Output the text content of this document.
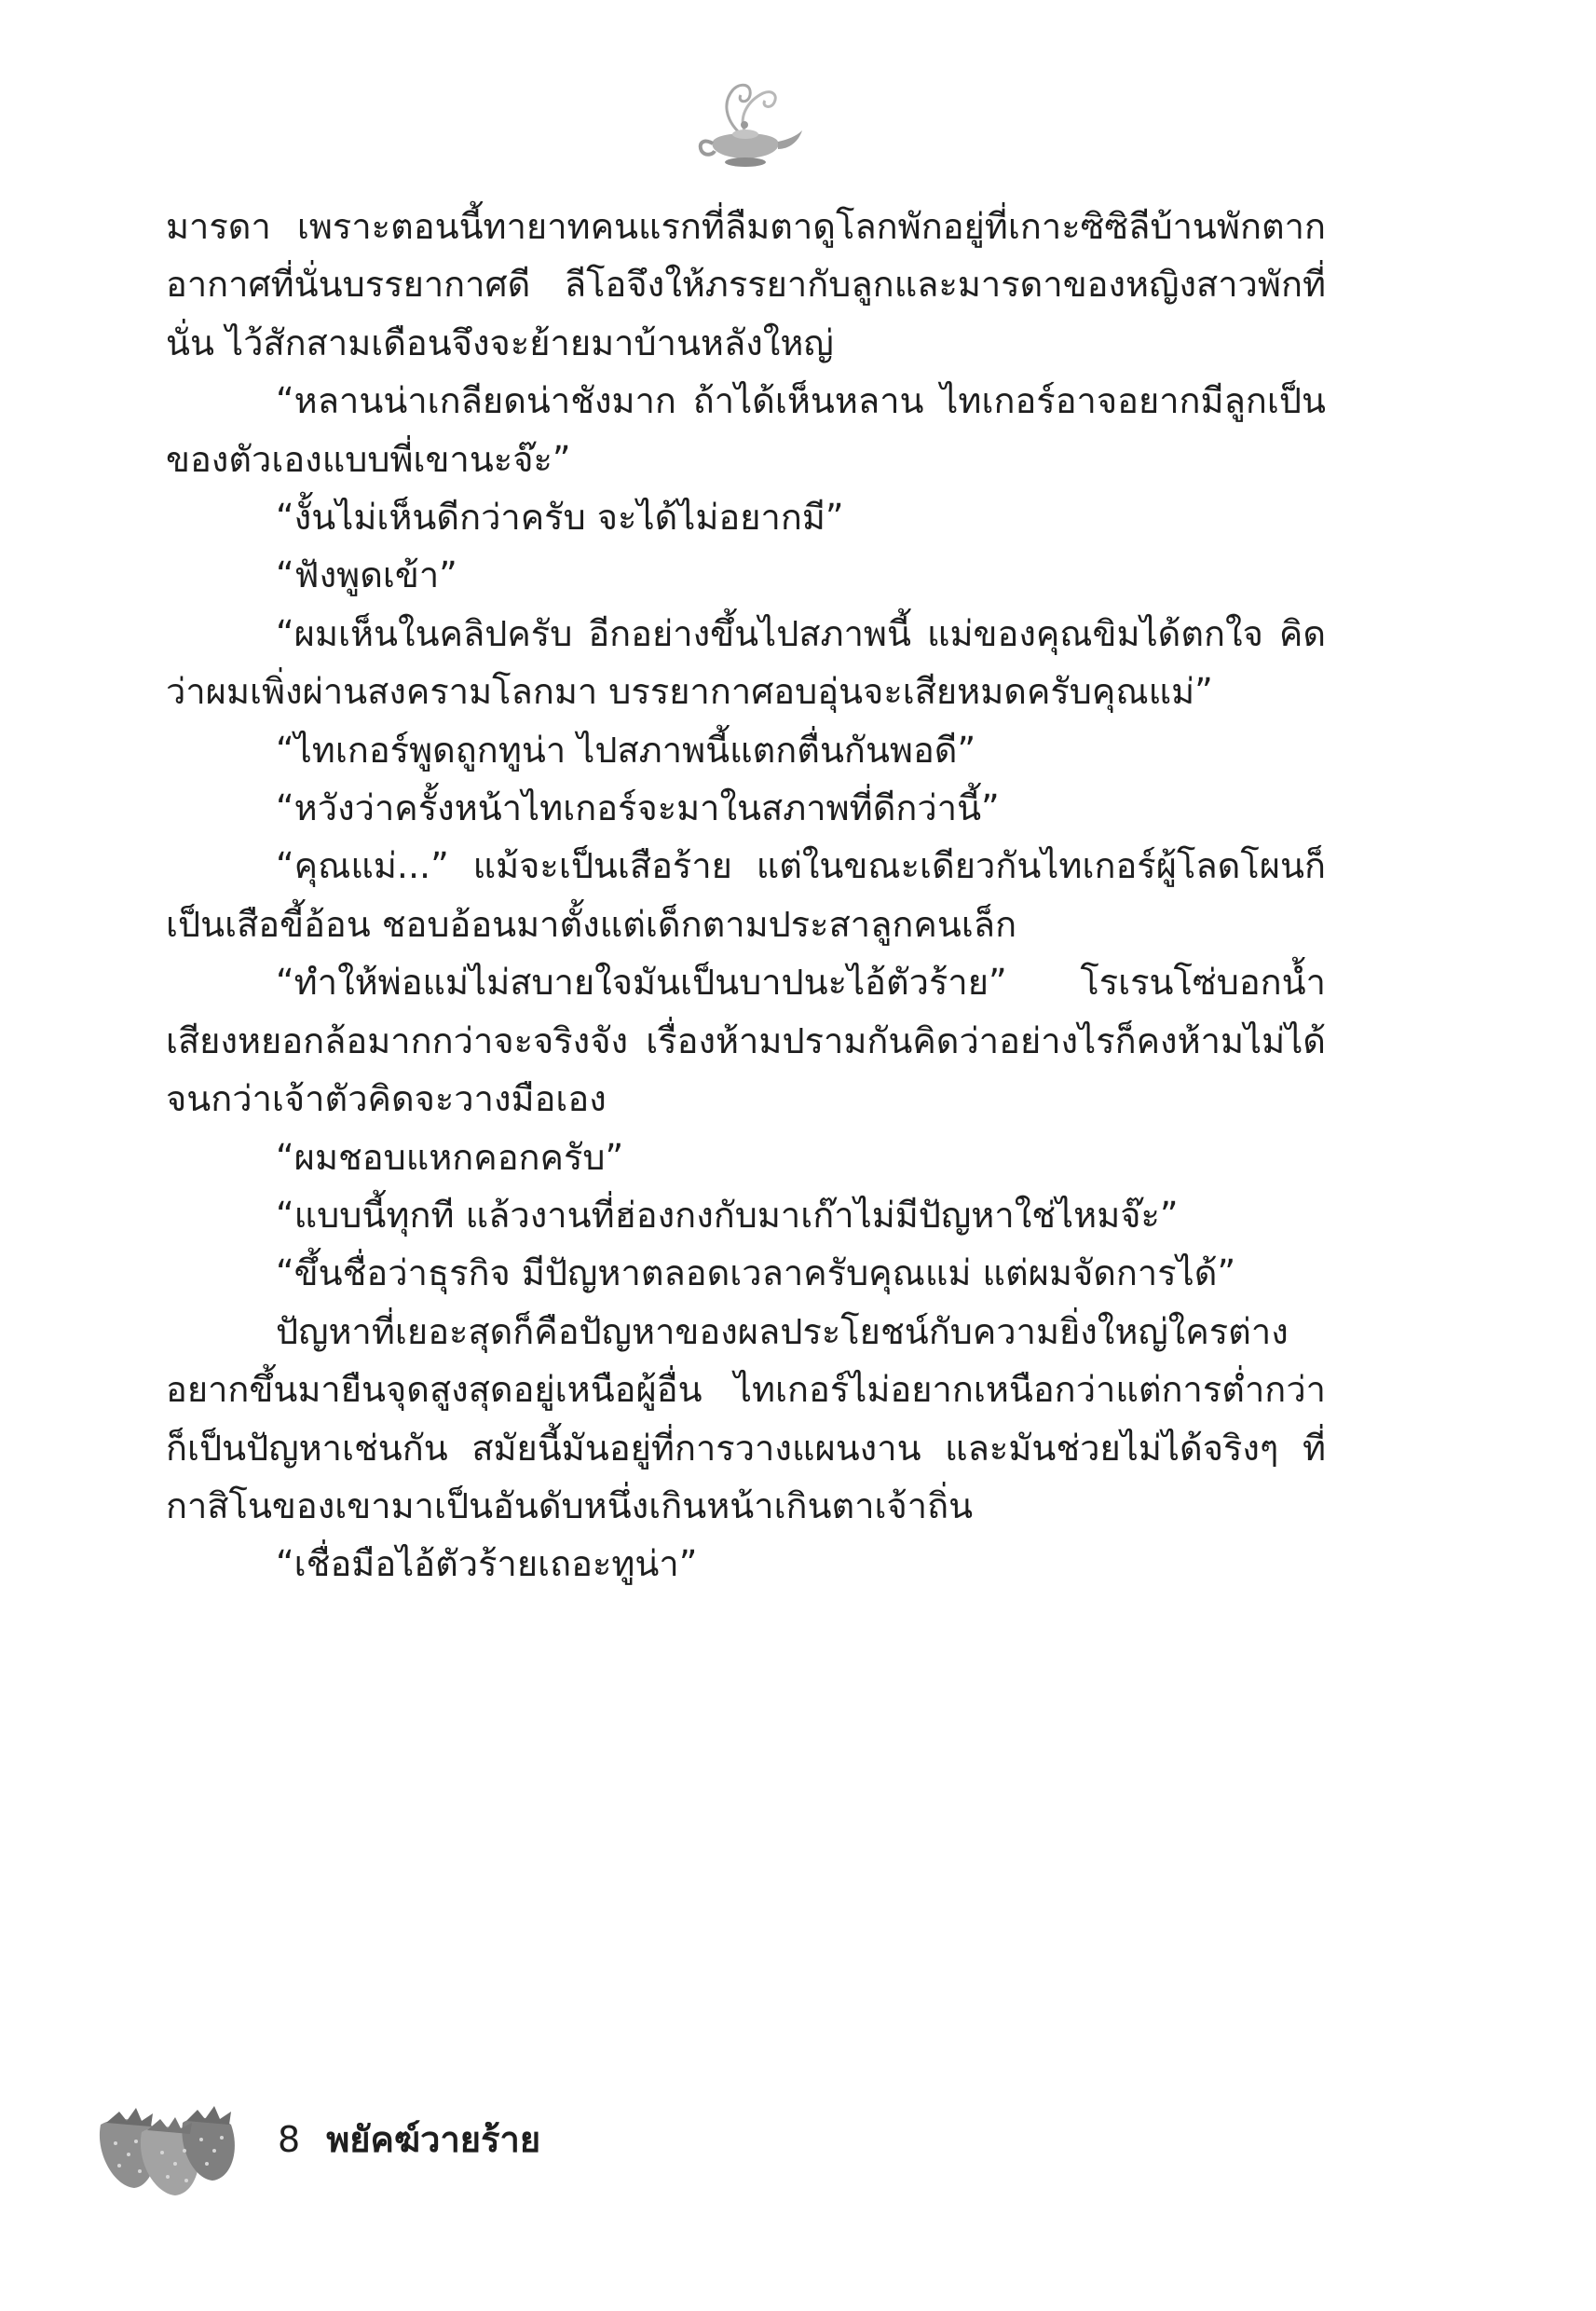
มารดา เพราะตอนนี้ทายาทคนแรกที่ลืมตาดูโลกพักอยู่ที่เกาะซิซิลีบ้านพักตากอากาศที่นั่นบรรยากาศดี ลีโอจึงให้ภรรยากับลูกและมารดาของหญิงสาวพักที่นั่น ไว้สักสามเดือนจึงจะย้ายมาบ้านหลังใหญ่

“หลานน่าเกลียดน่าชังมาก ถ้าได้เห็นหลาน ไทเกอร์อาจอยากมีลูกเป็นของตัวเองแบบพี่เขานะจ๊ะ”

“งั้นไม่เห็นดีกว่าครับ จะได้ไม่อยากมี”

“ฟังพูดเข้า”

“ผมเห็นในคลิปครับ อีกอย่างขึ้นไปสภาพนี้ แม่ของคุณขิมได้ตกใจ คิดว่าผมเพิ่งผ่านสงครามโลกมา บรรยากาศอบอุ่นจะเสียหมดครับคุณแม่”

“ไทเกอร์พูดถูกทูน่า ไปสภาพนี้แตกตื่นกันพอดี”

“หวังว่าครั้งหน้าไทเกอร์จะมาในสภาพที่ดีกว่านี้”

“คุณแม่...” แม้จะเป็นเสือร้าย แต่ในขณะเดียวกันไทเกอร์ผู้โลดโผนก็เป็นเสือขี้อ้อน ชอบอ้อนมาตั้งแต่เด็กตามประสาลูกคนเล็ก

“ทำให้พ่อแม่ไม่สบายใจมันเป็นบาปนะไอ้ตัวร้าย” โรเรนโซ่บอกน้ำเสียงหยอกล้อมากกว่าจะจริงจัง เรื่องห้ามปรามกันคิดว่าอย่างไรก็คงห้ามไม่ได้จนกว่าเจ้าตัวคิดจะวางมือเอง

“ผมชอบแหกคอกครับ”

“แบบนี้ทุกที แล้วงานที่ฮ่องกงกับมาเก๊าไม่มีปัญหาใช่ไหมจ๊ะ”

“ขึ้นชื่อว่าธุรกิจ มีปัญหาตลอดเวลาครับคุณแม่ แต่ผมจัดการได้”

ปัญหาที่เยอะสุดก็คือปัญหาของผลประโยชน์กับความยิ่งใหญ่ใครต่างอยากขึ้นมายืนจุดสูงสุดอยู่เหนือผู้อื่น ไทเกอร์ไม่อยากเหนือกว่าแต่การต่ำกว่าก็เป็นปัญหาเช่นกัน สมัยนี้มันอยู่ที่การวางแผนงาน และมันช่วยไม่ได้จริงๆ ที่กาสิโนของเขามาเป็นอันดับหนึ่งเกินหน้าเกินตาเจ้าถิ่น

“เชื่อมือไอ้ตัวร้ายเถอะทูน่า”

8 พยัคฆ์วายร้าย
